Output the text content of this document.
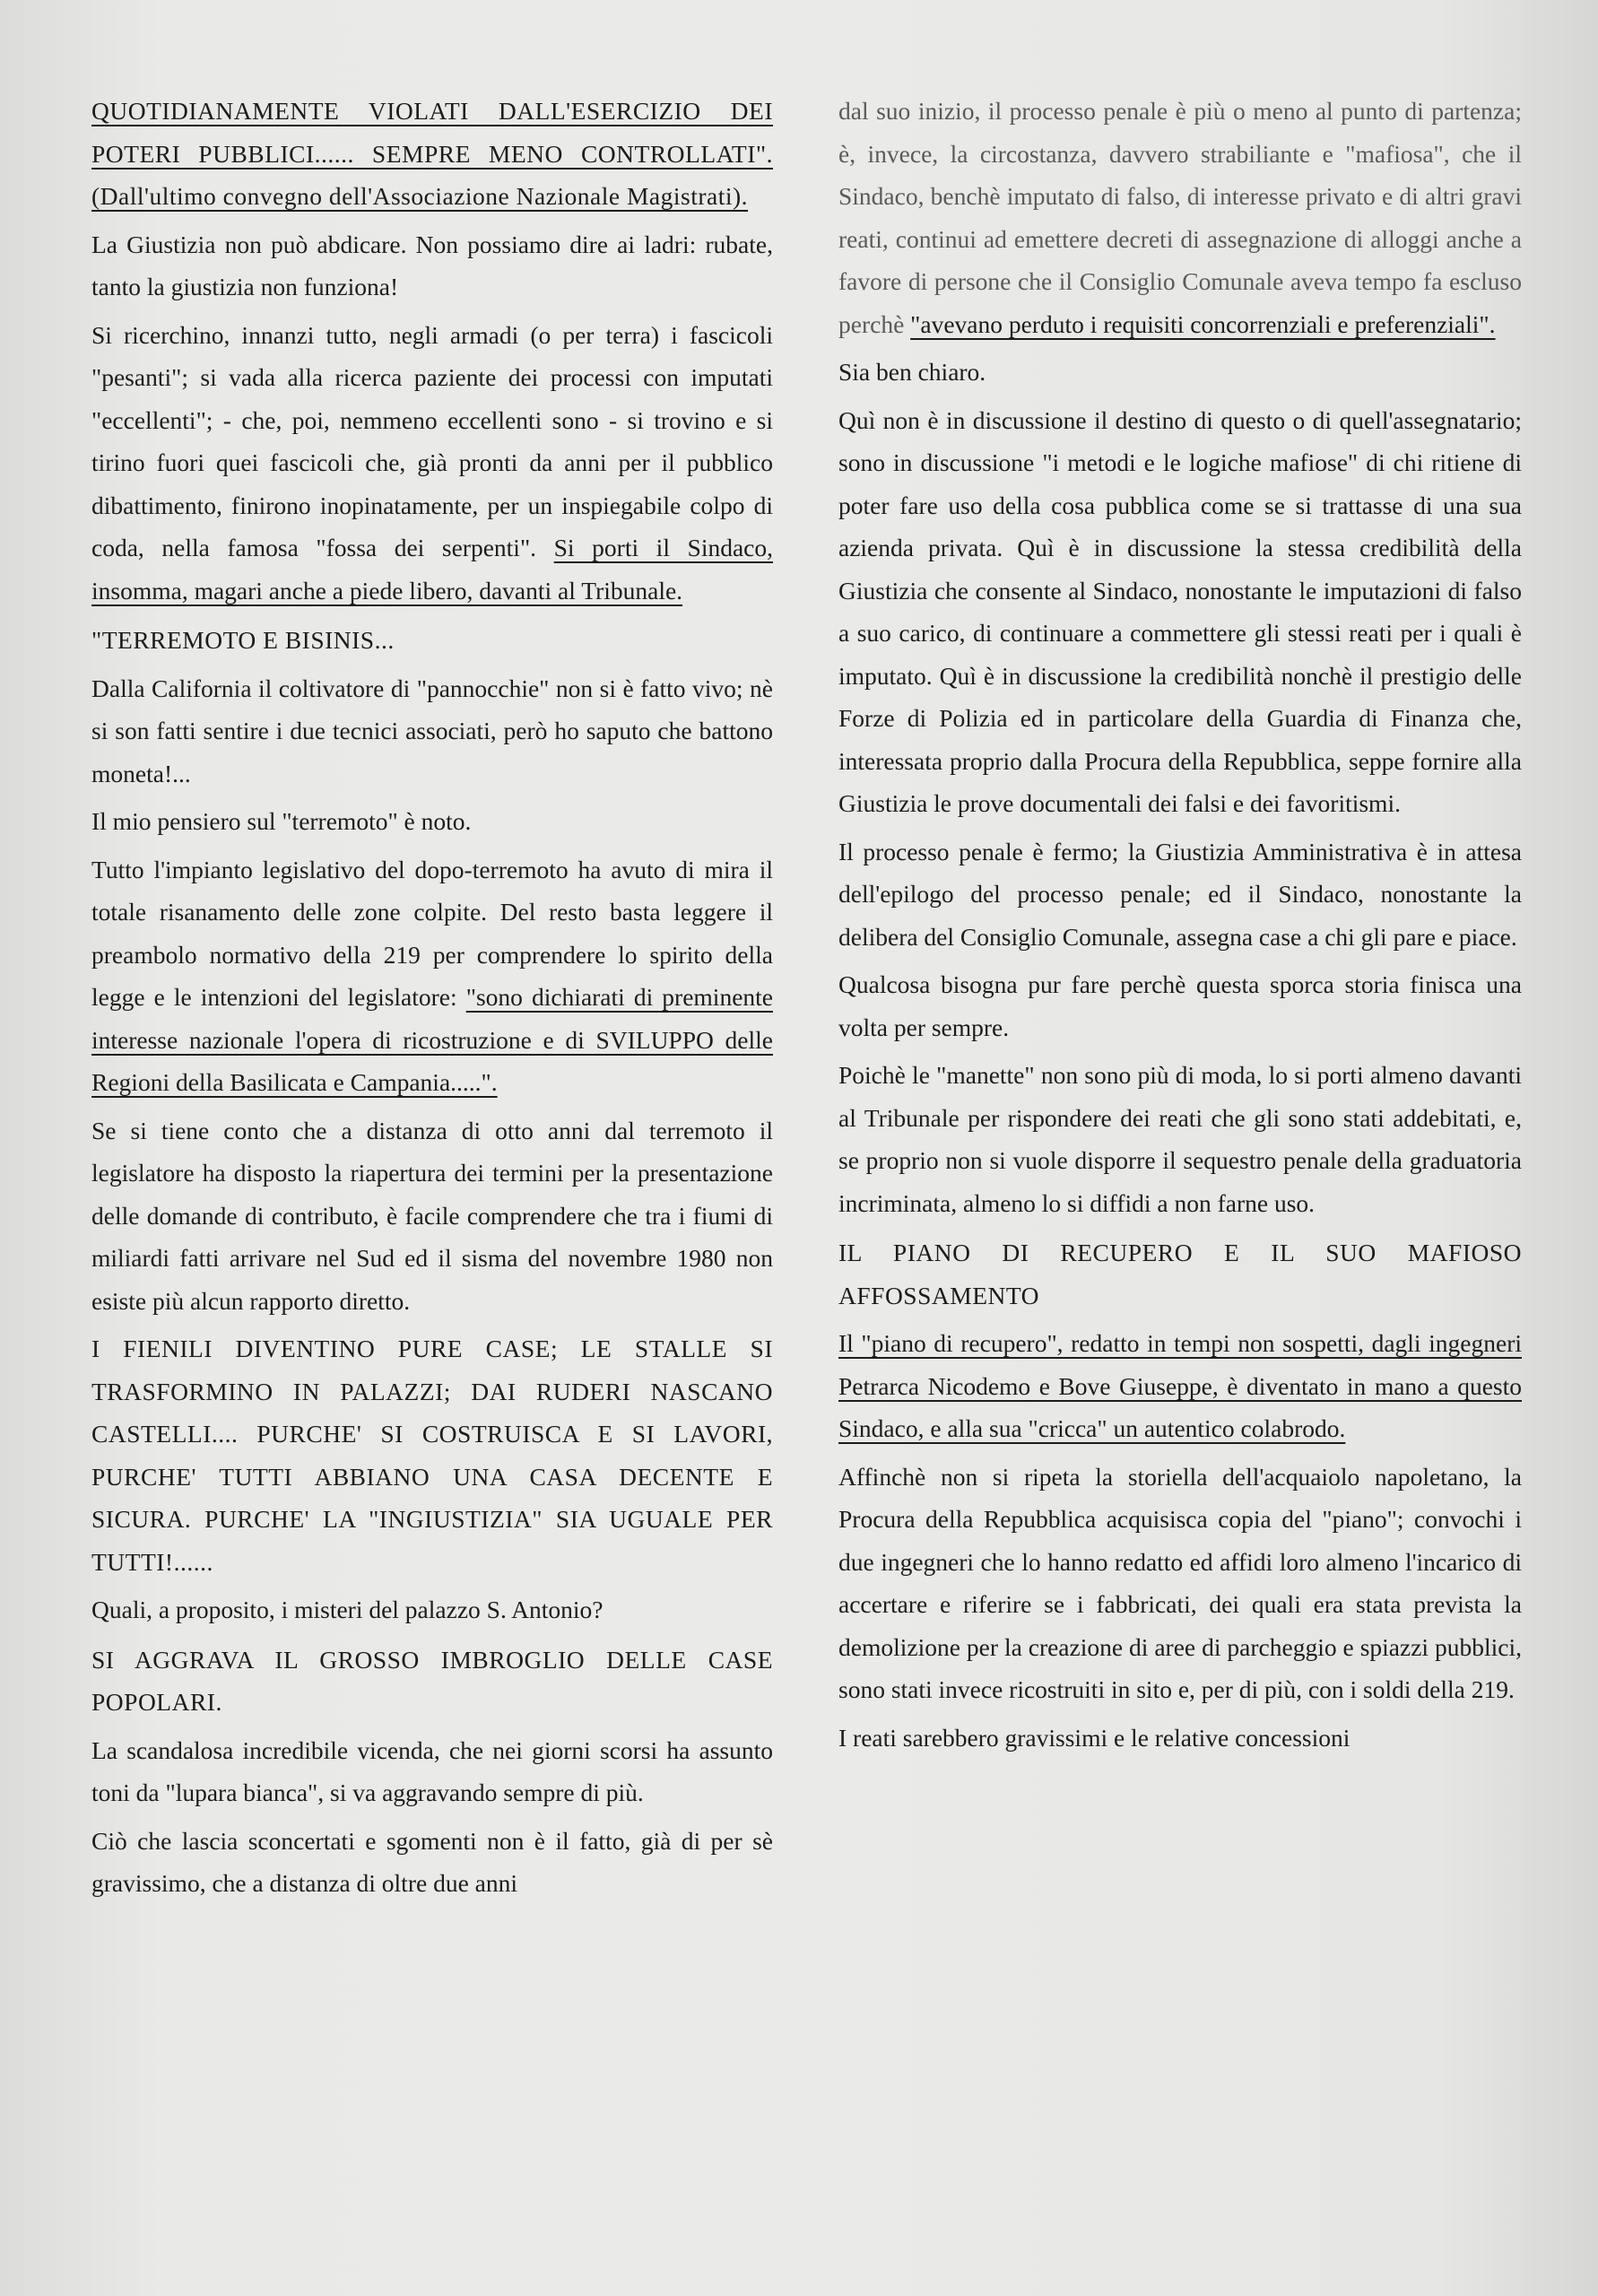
QUOTIDIANAMENTE VIOLATI DALL'ESERCIZIO DEI POTERI PUBBLICI...... SEMPRE MENO CONTROLLATI". (Dall'ultimo convegno dell'Associazione Nazionale Magistrati).

La Giustizia non può abdicare. Non possiamo dire ai ladri: rubate, tanto la giustizia non funziona!

Si ricerchino, innanzi tutto, negli armadi (o per terra) i fascicoli "pesanti"; si vada alla ricerca paziente dei processi con imputati "eccellenti"; - che, poi, nemmeno eccellenti sono - si trovino e si tirino fuori quei fascicoli che, già pronti da anni per il pubblico dibattimento, finirono inopinatamente, per un inspiegabile colpo di coda, nella famosa "fossa dei serpenti". Si porti il Sindaco, insomma, magari anche a piede libero, davanti al Tribunale.

"TERREMOTO E BISINIS...

Dalla California il coltivatore di "pannocchie" non si è fatto vivo; nè si son fatti sentire i due tecnici associati, però ho saputo che battono moneta!...

Il mio pensiero sul "terremoto" è noto.

Tutto l'impianto legislativo del dopo-terremoto ha avuto di mira il totale risanamento delle zone colpite. Del resto basta leggere il preambolo normativo della 219 per comprendere lo spirito della legge e le intenzioni del legislatore: "sono dichiarati di preminente interesse nazionale l'opera di ricostruzione e di SVILUPPO delle Regioni della Basilicata e Campania.....".

Se si tiene conto che a distanza di otto anni dal terremoto il legislatore ha disposto la riapertura dei termini per la presentazione delle domande di contributo, è facile comprendere che tra i fiumi di miliardi fatti arrivare nel Sud ed il sisma del novembre 1980 non esiste più alcun rapporto diretto.

I FIENILI DIVENTINO PURE CASE; LE STALLE SI TRASFORMINO IN PALAZZI; DAI RUDERI NASCANO CASTELLI.... PURCHE' SI COSTRUISCA E SI LAVORI, PURCHE' TUTTI ABBIANO UNA CASA DECENTE E SICURA. PURCHE' LA "INGIUSTIZIA" SIA UGUALE PER TUTTI!......

Quali, a proposito, i misteri del palazzo S. Antonio?

SI AGGRAVA IL GROSSO IMBROGLIO DELLE CASE POPOLARI.

La scandalosa incredibile vicenda, che nei giorni scorsi ha assunto toni da "lupara bianca", si va aggravando sempre di più.

Ciò che lascia sconcertati e sgomenti non è il fatto, già di per sè gravissimo, che a distanza di oltre due anni

dal suo inizio, il processo penale è più o meno al punto di partenza; è, invece, la circostanza, davvero strabiliante e "mafiosa", che il Sindaco, benchè imputato di falso, di interesse privato e di altri gravi reati, continui ad emettere decreti di assegnazione di alloggi anche a favore di persone che il Consiglio Comunale aveva tempo fa escluso perchè "avevano perduto i requisiti concorrenziali e preferenziali".

Sia ben chiaro.

Quì non è in discussione il destino di questo o di quell'assegnatario; sono in discussione "i metodi e le logiche mafiose" di chi ritiene di poter fare uso della cosa pubblica come se si trattasse di una sua azienda privata. Quì è in discussione la stessa credibilità della Giustizia che consente al Sindaco, nonostante le imputazioni di falso a suo carico, di continuare a commettere gli stessi reati per i quali è imputato. Quì è in discussione la credibilità nonchè il prestigio delle Forze di Polizia ed in particolare della Guardia di Finanza che, interessata proprio dalla Procura della Repubblica, seppe fornire alla Giustizia le prove documentali dei falsi e dei favoritismi.

Il processo penale è fermo; la Giustizia Amministrativa è in attesa dell'epilogo del processo penale; ed il Sindaco, nonostante la delibera del Consiglio Comunale, assegna case a chi gli pare e piace.

Qualcosa bisogna pur fare perchè questa sporca storia finisca una volta per sempre.

Poichè le "manette" non sono più di moda, lo si porti almeno davanti al Tribunale per rispondere dei reati che gli sono stati addebitati, e, se proprio non si vuole disporre il sequestro penale della graduatoria incriminata, almeno lo si diffidi a non farne uso.

IL PIANO DI RECUPERO E IL SUO MAFIOSO AFFOSSAMENTO

Il "piano di recupero", redatto in tempi non sospetti, dagli ingegneri Petrarca Nicodemo e Bove Giuseppe, è diventato in mano a questo Sindaco, e alla sua "cricca" un autentico colabrodo.

Affinchè non si ripeta la storiella dell'acquaiolo napoletano, la Procura della Repubblica acquisisca copia del "piano"; convochi i due ingegneri che lo hanno redatto ed affidi loro almeno l'incarico di accertare e riferire se i fabbricati, dei quali era stata prevista la demolizione per la creazione di aree di parcheggio e spiazzi pubblici, sono stati invece ricostruiti in sito e, per di più, con i soldi della 219.

I reati sarebbero gravissimi e le relative concessioni
